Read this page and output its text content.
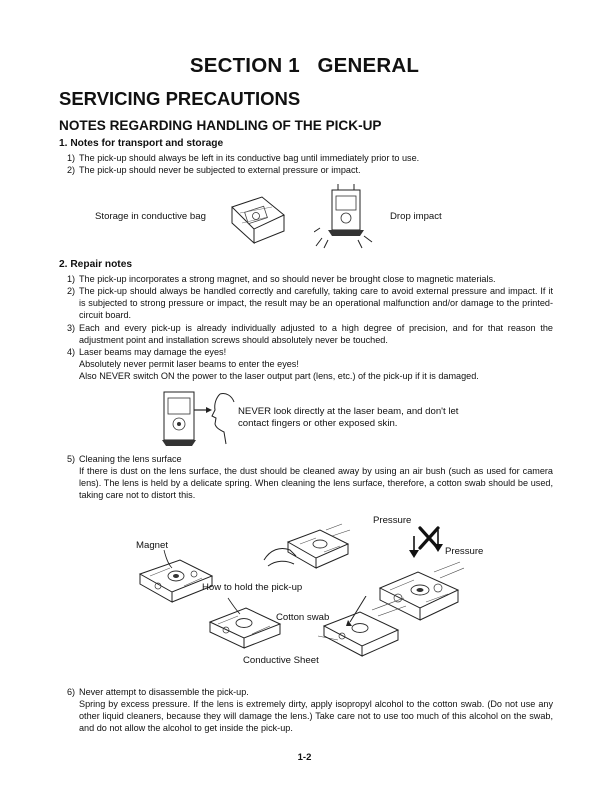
SECTION 1   GENERAL
SERVICING PRECAUTIONS
NOTES REGARDING HANDLING OF THE PICK-UP
1. Notes for transport and storage
1) The pick-up should always be left in its conductive bag until immediately prior to use.
2) The pick-up should never be subjected to external pressure or impact.
Storage in conductive bag	Drop impact
2. Repair notes
1) The pick-up incorporates a strong magnet, and so should never be brought close to magnetic materials.
2) The pick-up should always be handled correctly and carefully, taking care to avoid external pressure and impact. If it is subjected to strong pressure or impact, the result may be an operational malfunction and/or damage to the printed-circuit board.
3) Each and every pick-up is already individually adjusted to a high degree of precision, and for that reason the adjustment point and installation screws should absolutely never be touched.
4) Laser beams may damage the eyes!

Absolutely never permit laser beams to enter the eyes!

Also NEVER switch ON the power to the laser output part (lens, etc.) of the pick-up if it is damaged.

NEVER look directly at the laser beam, and don't let
contact fingers or other exposed skin.
5) Cleaning the lens surface

If there is dust on the lens surface, the dust should be cleaned away by using an air bush (such as used for camera lens). The lens is held by a delicate spring. When cleaning the lens surface, therefore, a cotton swab should be used, taking care not to distort this.

Magnet
How to hold the pick-up
Pressure
Pressure
Cotton swab
Conductive Sheet
6) Never attempt to disassemble the pick-up.

Spring by excess pressure. If the lens is extremely dirty, apply isopropyl alcohol to the cotton swab. (Do not use any other liquid cleaners, because they will damage the lens.) Take care not to use too much of this alcohol on the swab, and do not allow the alcohol to get inside the pick-up.

1-2
